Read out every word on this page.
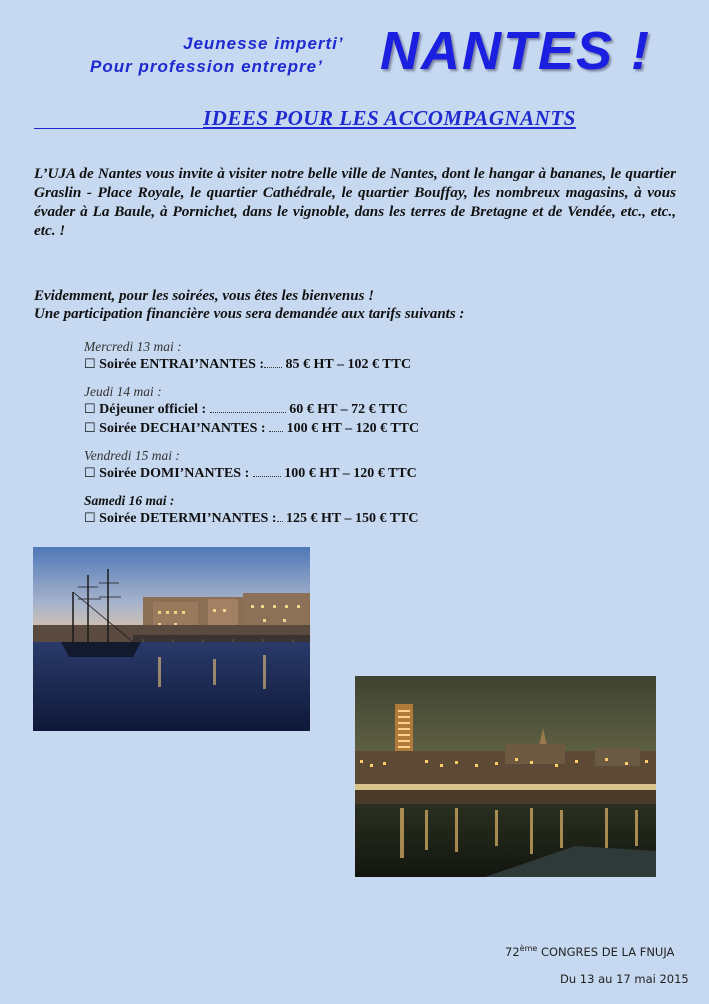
Jeunesse imperti’
Pour profession entrepre’ NANTES !
IDEES POUR LES ACCOMPAGNANTS
L’UJA de Nantes vous invite à visiter notre belle ville de Nantes, dont le hangar à bananes, le quartier Graslin - Place Royale, le quartier Cathédrale, le quartier Bouffay, les nombreux magasins, à vous évader à La Baule, à Pornichet, dans le vignoble, dans les terres de Bretagne et de Vendée, etc., etc., etc. !
Evidemment, pour les soirées, vous êtes les bienvenus !
Une participation financière vous sera demandée aux tarifs suivants :
Mercredi 13 mai :
☐ Soirée ENTRAI’NANTES : 85 € HT – 102 € TTC
Jeudi 14 mai :
☐ Déjeuner officiel :	60 € HT – 72 € TTC
☐ Soirée DECHAI’NANTES : 100 € HT – 120 € TTC
Vendredi 15 mai :
☐ Soirée DOMI’NANTES :	100 € HT – 120 € TTC
Samedi 16 mai :
☐ Soirée DETERMI’NANTES : 125 € HT – 150 € TTC
72ème CONGRES DE LA FNUJA
Du 13 au 17 mai 2015
